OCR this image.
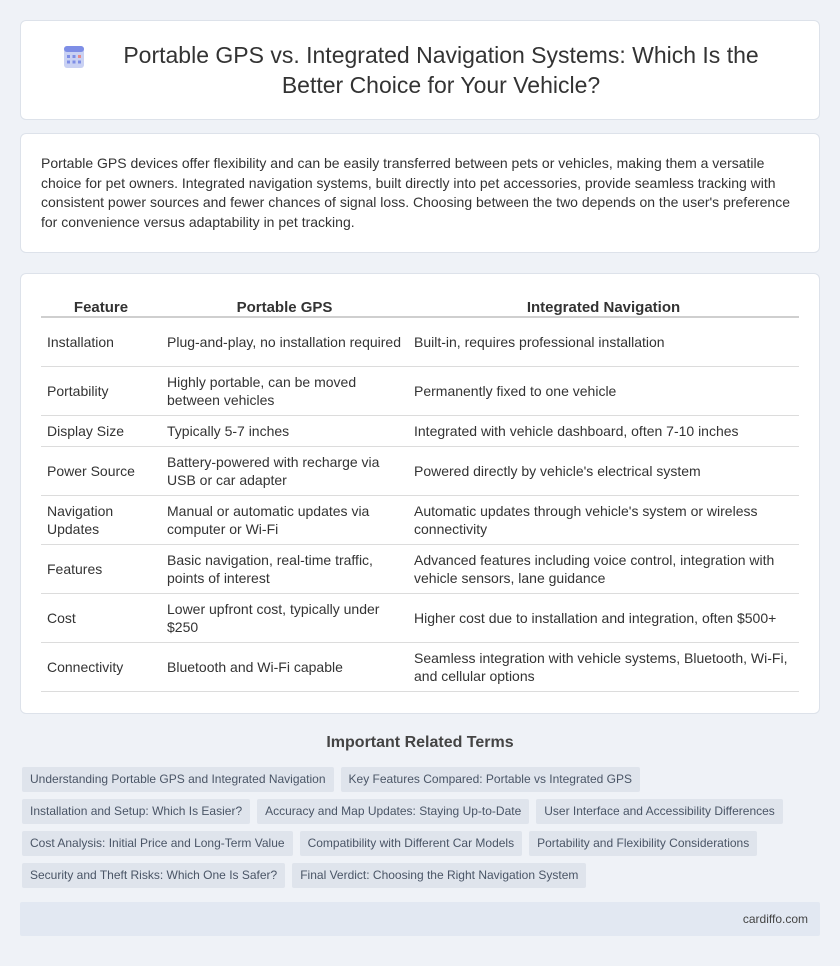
Portable GPS vs. Integrated Navigation Systems: Which Is the Better Choice for Your Vehicle?

Portable GPS devices offer flexibility and can be easily transferred between pets or vehicles, making them a versatile choice for pet owners. Integrated navigation systems, built directly into pet accessories, provide seamless tracking with consistent power sources and fewer chances of signal loss. Choosing between the two depends on the user's preference for convenience versus adaptability in pet tracking.

Feature	Portable GPS	Integrated Navigation
Installation	Plug-and-play, no installation required	Built-in, requires professional installation
Portability	Highly portable, can be moved between vehicles	Permanently fixed to one vehicle
Display Size	Typically 5-7 inches	Integrated with vehicle dashboard, often 7-10 inches
Power Source	Battery-powered with recharge via USB or car adapter	Powered directly by vehicle's electrical system
Navigation Updates	Manual or automatic updates via computer or Wi-Fi	Automatic updates through vehicle's system or wireless connectivity
Features	Basic navigation, real-time traffic, points of interest	Advanced features including voice control, integration with vehicle sensors, lane guidance
Cost	Lower upfront cost, typically under $250	Higher cost due to installation and integration, often $500+
Connectivity	Bluetooth and Wi-Fi capable	Seamless integration with vehicle systems, Bluetooth, Wi-Fi, and cellular options
Important Related Terms
Understanding Portable GPS and Integrated Navigation Key Features Compared: Portable vs Integrated GPS
Installation and Setup: Which Is Easier? Accuracy and Map Updates: Staying Up-to-Date User Interface and Accessibility Differences
Cost Analysis: Initial Price and Long-Term Value Compatibility with Different Car Models Portability and Flexibility Considerations
Security and Theft Risks: Which One Is Safer? Final Verdict: Choosing the Right Navigation System
cardiffo.com
